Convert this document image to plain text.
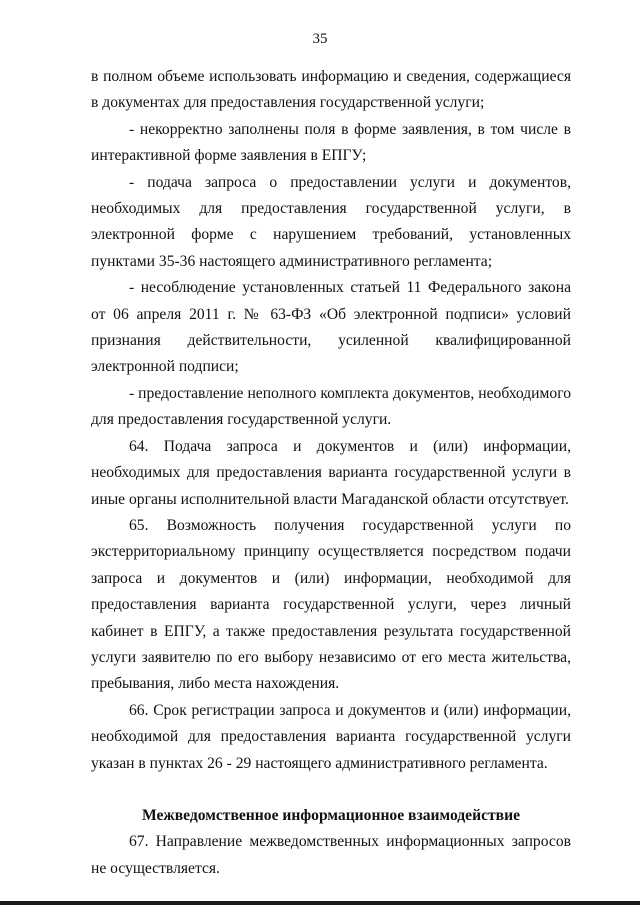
35

в полном объеме использовать информацию и сведения, содержащиеся в документах для предоставления государственной услуги;

- некорректно заполнены поля в форме заявления, в том числе в интерактивной форме заявления в ЕПГУ;

- подача запроса о предоставлении услуги и документов, необходимых для предоставления государственной услуги, в электронной форме с нарушением требований, установленных пунктами 35-36 настоящего административного регламента;

- несоблюдение установленных статьей 11 Федерального закона от 06 апреля 2011 г. № 63-ФЗ «Об электронной подписи» условий признания действительности, усиленной квалифицированной электронной подписи;

- предоставление неполного комплекта документов, необходимого для предоставления государственной услуги.

64. Подача запроса и документов и (или) информации, необходимых для предоставления варианта государственной услуги в иные органы исполнительной власти Магаданской области отсутствует.

65. Возможность получения государственной услуги по экстерриториальному принципу осуществляется посредством подачи запроса и документов и (или) информации, необходимой для предоставления варианта государственной услуги, через личный кабинет в ЕПГУ, а также предоставления результата государственной услуги заявителю по его выбору независимо от его места жительства, пребывания, либо места нахождения.

66. Срок регистрации запроса и документов и (или) информации, необходимой для предоставления варианта государственной услуги указан в пунктах 26 - 29 настоящего административного регламента.

Межведомственное информационное взаимодействие

67. Направление межведомственных информационных запросов не осуществляется.
